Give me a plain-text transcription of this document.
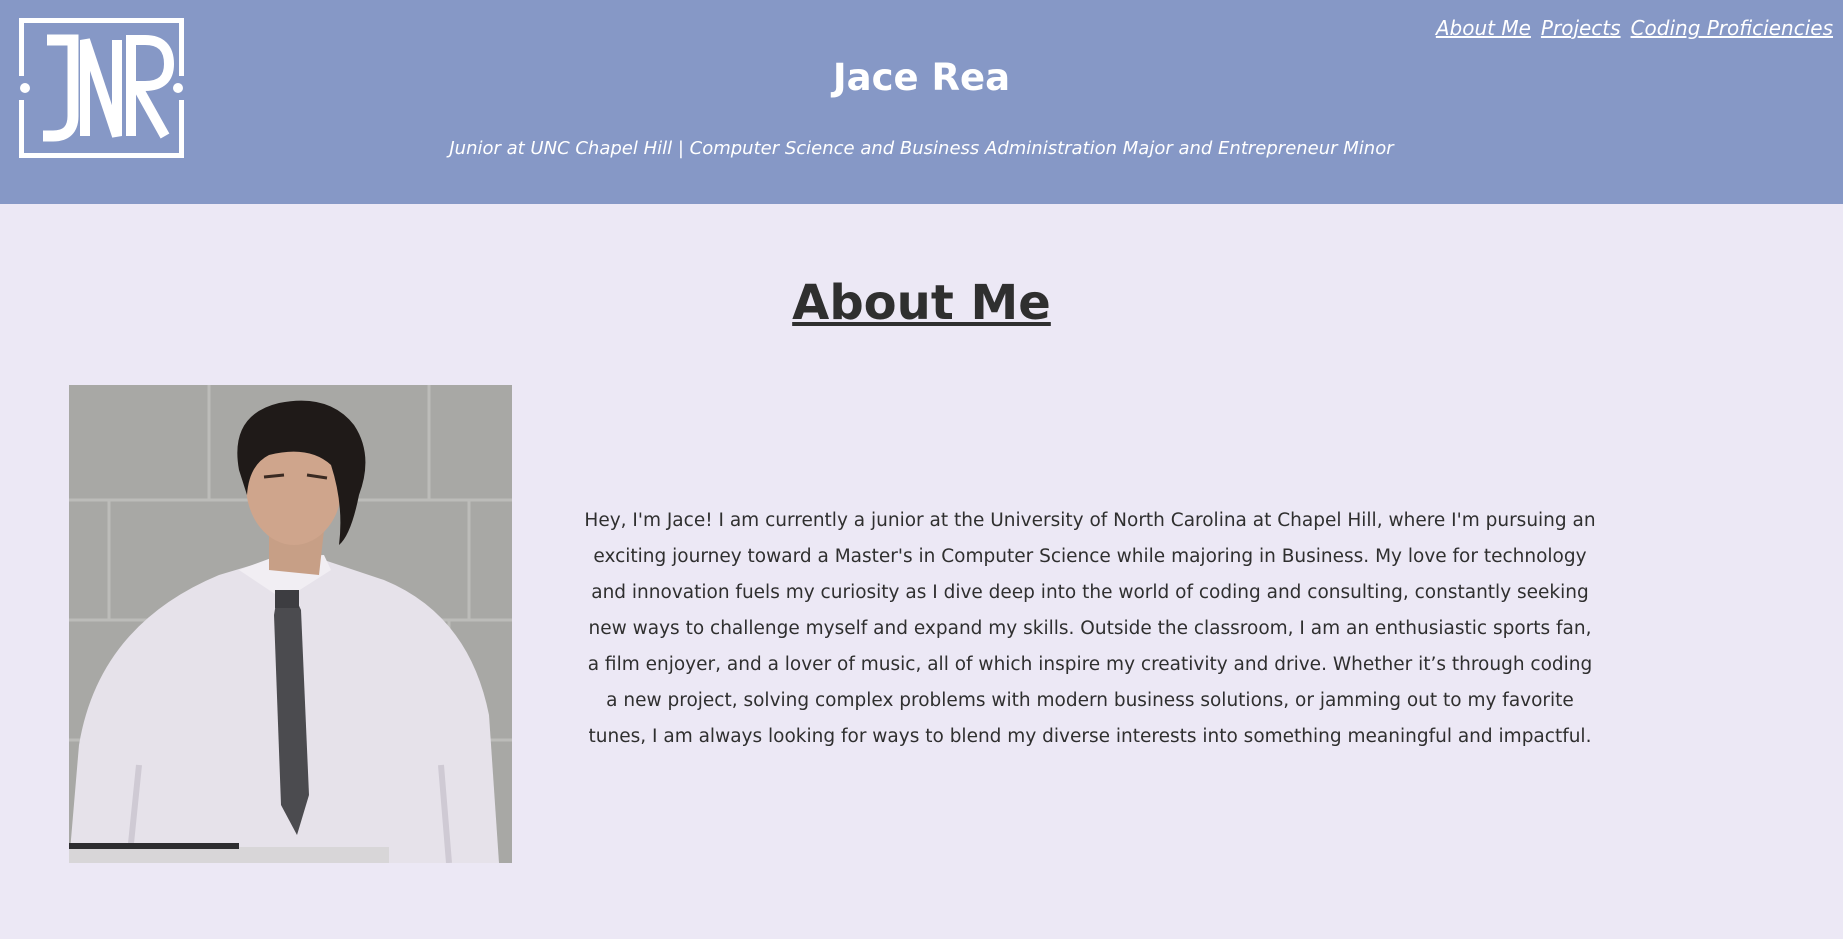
Jace Rea

Junior at UNC Chapel Hill | Computer Science and Business Administration Major and Entrepreneur Minor

About Me Projects Coding Proficiencies
About Me

Hey, I'm Jace! I am currently a junior at the University of North Carolina at Chapel Hill, where I'm pursuing an exciting journey toward a Master's in Computer Science while majoring in Business. My love for technology and innovation fuels my curiosity as I dive deep into the world of coding and consulting, constantly seeking new ways to challenge myself and expand my skills. Outside the classroom, I am an enthusiastic sports fan, a film enjoyer, and a lover of music, all of which inspire my creativity and drive. Whether it’s through coding a new project, solving complex problems with modern business solutions, or jamming out to my favorite tunes, I am always looking for ways to blend my diverse interests into something meaningful and impactful.
